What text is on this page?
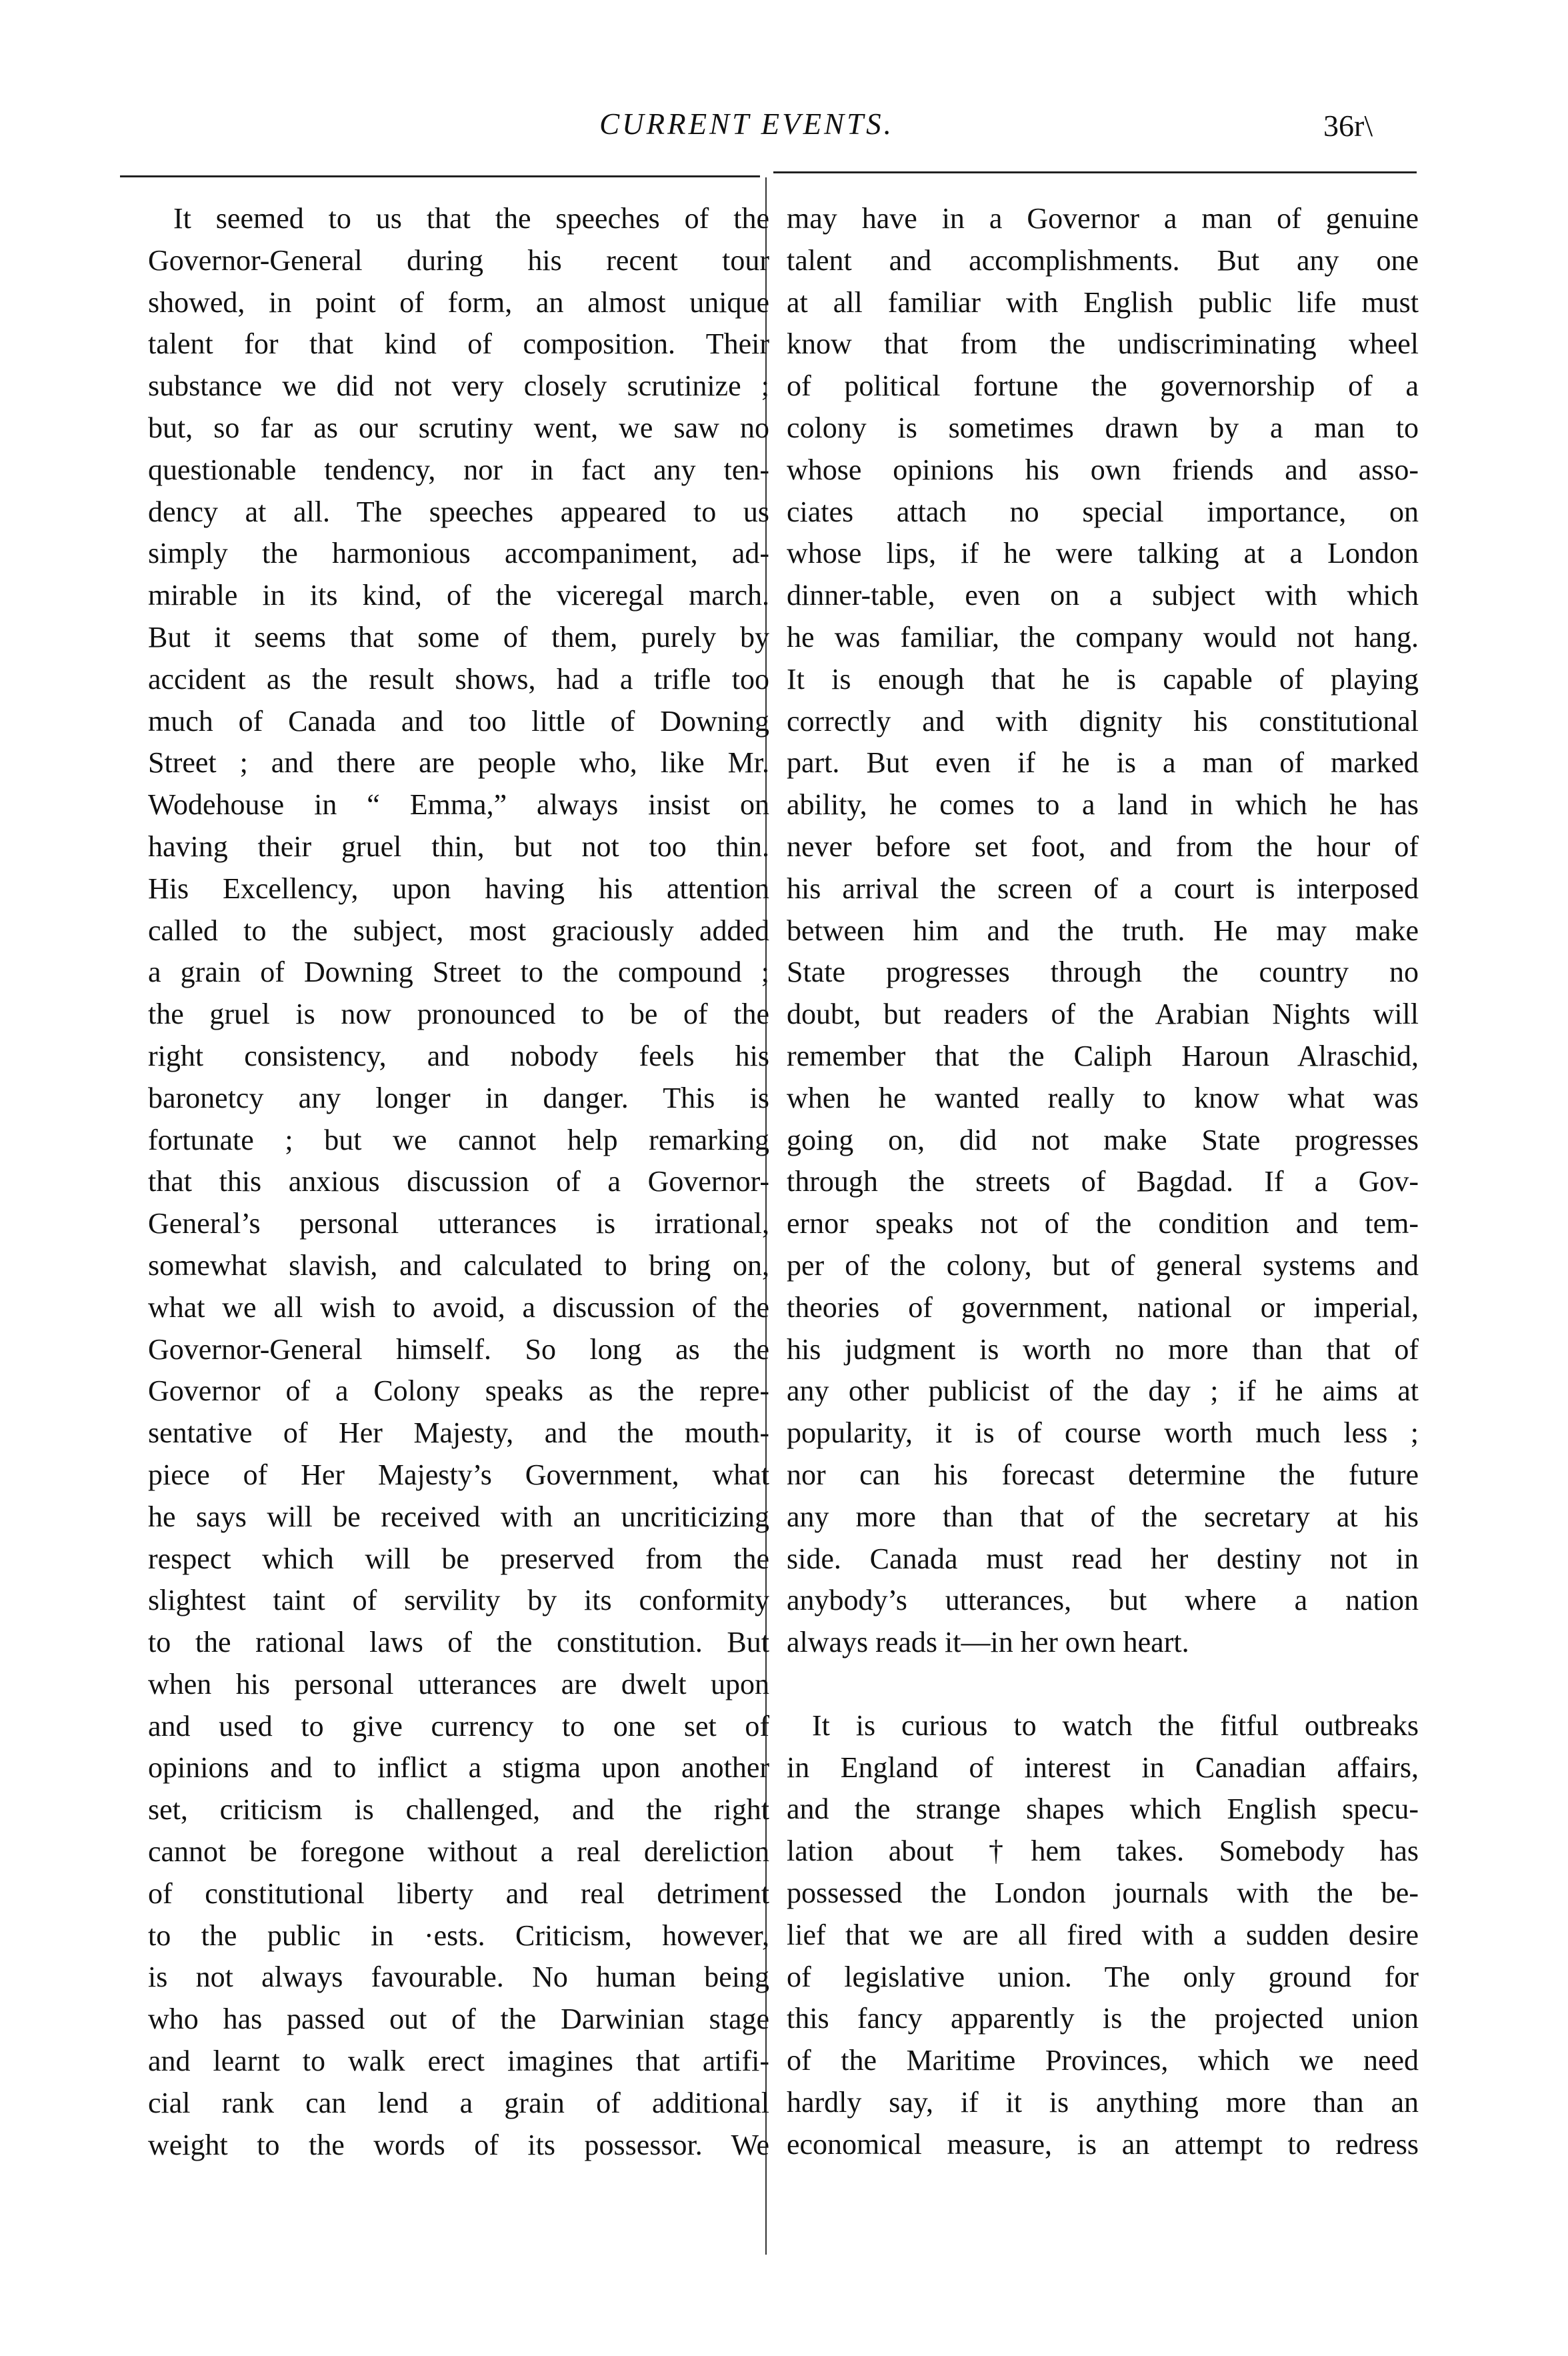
CURRENT EVENTS.	36r\
It seemed to us that the speeches of the
Governor-General during his recent tour
showed, in point of form, an almost unique
talent for that kind of composition. Their
substance we did not very closely scrutinize ;
but, so far as our scrutiny went, we saw no
questionable tendency, nor in fact any ten-
dency at all. The speeches appeared to us
simply the harmonious accompaniment, ad-
mirable in its kind, of the viceregal march.
But it seems that some of them, purely by
accident as the result shows, had a trifle too
much of Canada and too little of Downing
Street ; and there are people who, like Mr.
Wodehouse in “ Emma,” always insist on
having their gruel thin, but not too thin.
His Excellency, upon having his attention
called to the subject, most graciously added
a grain of Downing Street to the compound ;
the gruel is now pronounced to be of the
right consistency, and nobody feels his
baronetcy any longer in danger. This is
fortunate ; but we cannot help remarking
that this anxious discussion of a Governor-
General’s personal utterances is irrational,
somewhat slavish, and calculated to bring on,
what we all wish to avoid, a discussion of the
Governor-General himself. So long as the
Governor of a Colony speaks as the repre-
sentative of Her Majesty, and the mouth-
piece of Her Majesty’s Government, what
he says will be received with an uncriticizing
respect which will be preserved from the
slightest taint of servility by its conformity
to the rational laws of the constitution. But
when his personal utterances are dwelt upon
and used to give currency to one set of
opinions and to inflict a stigma upon another
set, criticism is challenged, and the right
cannot be foregone without a real dereliction
of constitutional liberty and real detriment
to the public in ·ests. Criticism, however,
is not always favourable. No human being
who has passed out of the Darwinian stage
and learnt to walk erect imagines that artifi-
cial rank can lend a grain of additional
weight to the words of its possessor. We
may have in a Governor a man of genuine
talent and accomplishments. But any one
at all familiar with English public life must
know that from the undiscriminating wheel
of political fortune the governorship of a
colony is sometimes drawn by a man to
whose opinions his own friends and asso-
ciates attach no special importance, on
whose lips, if he were talking at a London
dinner-table, even on a subject with which
he was familiar, the company would not hang.
It is enough that he is capable of playing
correctly and with dignity his constitutional
part. But even if he is a man of marked
ability, he comes to a land in which he has
never before set foot, and from the hour of
his arrival the screen of a court is interposed
between him and the truth. He may make
State progresses through the country no
doubt, but readers of the Arabian Nights will
remember that the Caliph Haroun Alraschid,
when he wanted really to know what was
going on, did not make State progresses
through the streets of Bagdad. If a Gov-
ernor speaks not of the condition and tem-
per of the colony, but of general systems and
theories of government, national or imperial,
his judgment is worth no more than that of
any other publicist of the day ; if he aims at
popularity, it is of course worth much less ;
nor can his forecast determine the future
any more than that of the secretary at his
side. Canada must read her destiny not in
anybody’s utterances, but where a nation
always reads it—in her own heart.
It is curious to watch the fitful outbreaks
in England of interest in Canadian affairs,
and the strange shapes which English specu-
lation about †hem takes. Somebody has
possessed the London journals with the be-
lief that we are all fired with a sudden desire
of legislative union. The only ground for
this fancy apparently is the projected union
of the Maritime Provinces, which we need
hardly say, if it is anything more than an
economical measure, is an attempt to redress
